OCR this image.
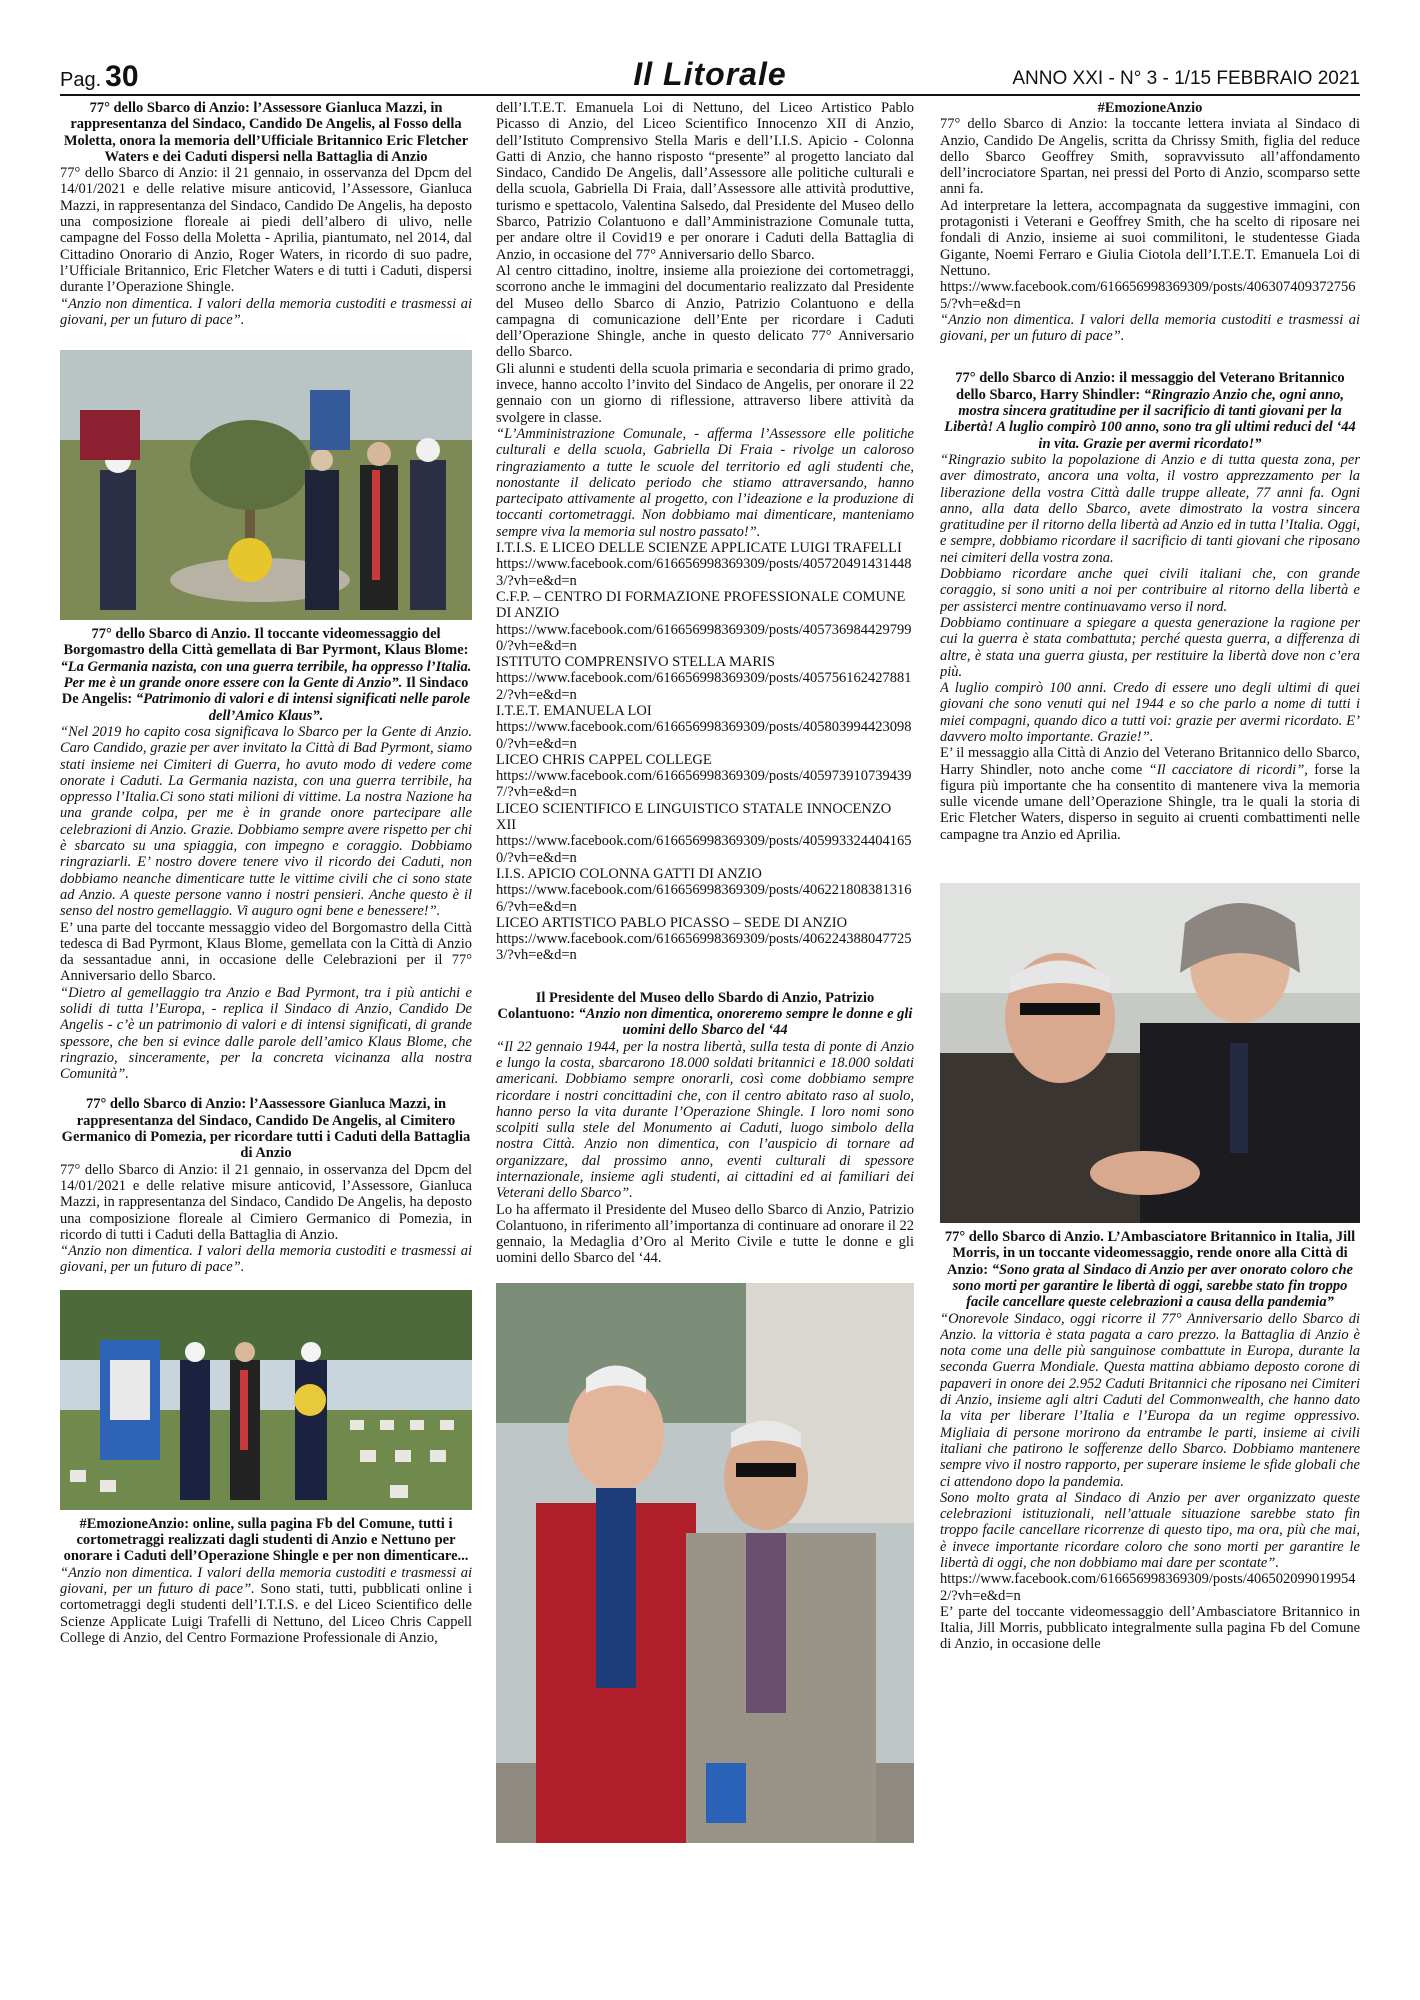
Pag. 30	Il Litorale	ANNO XXI - N° 3 - 1/15 FEBBRAIO 2021

77° dello Sbarco di Anzio: l’Assessore Gianluca Mazzi, in rappresentanza del Sindaco, Candido De Angelis, al Fosso della Moletta, onora la memoria dell’Ufficiale Britannico Eric Fletcher Waters e dei Caduti dispersi nella Battaglia di Anzio

77° dello Sbarco di Anzio: il 21 gennaio, in osservanza del Dpcm del 14/01/2021 e delle relative misure anticovid, l’Assessore, Gianluca Mazzi, in rappresentanza del Sindaco, Candido De Angelis, ha deposto una composizione floreale ai piedi dell’albero di ulivo, nelle campagne del Fosso della Moletta - Aprilia, piantumato, nel 2014, dal Cittadino Onorario di Anzio, Roger Waters, in ricordo di suo padre, l’Ufficiale Britannico, Eric Fletcher Waters e di tutti i Caduti, dispersi durante l’Operazione Shingle.

“Anzio non dimentica. I valori della memoria custoditi e trasmessi ai giovani, per un futuro di pace”.

77° dello Sbarco di Anzio. Il toccante videomessaggio del Borgomastro della Città gemellata di Bar Pyrmont, Klaus Blome: “La Germania nazista, con una guerra terribile, ha oppresso l’Italia. Per me è un grande onore essere con la Gente di Anzio”. Il Sindaco De Angelis: “Patrimonio di valori e di intensi significati nelle parole dell’Amico Klaus”.

“Nel 2019 ho capito cosa significava lo Sbarco per la Gente di Anzio. Caro Candido, grazie per aver invitato la Città di Bad Pyrmont, siamo stati insieme nei Cimiteri di Guerra, ho avuto modo di vedere come onorate i Caduti. La Germania nazista, con una guerra terribile, ha oppresso l’Italia.Ci sono stati milioni di vittime. La nostra Nazione ha una grande colpa, per me è in grande onore partecipare alle celebrazioni di Anzio. Grazie. Dobbiamo sempre avere rispetto per chi è sbarcato su una spiaggia, con impegno e coraggio. Dobbiamo ringraziarli. E’ nostro dovere tenere vivo il ricordo dei Caduti, non dobbiamo neanche dimenticare tutte le vittime civili che ci sono state ad Anzio. A queste persone vanno i nostri pensieri. Anche questo è il senso del nostro gemellaggio. Vi auguro ogni bene e benessere!”.

E’ una parte del toccante messaggio video del Borgomastro della Città tedesca di Bad Pyrmont, Klaus Blome, gemellata con la Città di Anzio da sessantadue anni, in occasione delle Celebrazioni per il 77° Anniversario dello Sbarco.

“Dietro al gemellaggio tra Anzio e Bad Pyrmont, tra i più antichi e solidi di tutta l’Europa, - replica il Sindaco di Anzio, Candido De Angelis - c’è un patrimonio di valori e di intensi significati, di grande spessore, che ben si evince dalle parole dell’amico Klaus Blome, che ringrazio, sinceramente, per la concreta vicinanza alla nostra Comunità”.

77° dello Sbarco di Anzio: l’Aassessore Gianluca Mazzi, in rappresentanza del Sindaco, Candido De Angelis, al Cimitero Germanico di Pomezia, per ricordare tutti i Caduti della Battaglia di Anzio

77° dello Sbarco di Anzio: il 21 gennaio, in osservanza del Dpcm del 14/01/2021 e delle relative misure anticovid, l’Assessore, Gianluca Mazzi, in rappresentanza del Sindaco, Candido De Angelis, ha deposto una composizione floreale al Cimiero Germanico di Pomezia, in ricordo di tutti i Caduti della Battaglia di Anzio.

“Anzio non dimentica. I valori della memoria custoditi e trasmessi ai giovani, per un futuro di pace”.

#EmozioneAnzio: online, sulla pagina Fb del Comune, tutti i cortometraggi realizzati dagli studenti di Anzio e Nettuno per onorare i Caduti dell’Operazione Shingle e per non dimenticare...

“Anzio non dimentica. I valori della memoria custoditi e trasmessi ai giovani, per un futuro di pace”. Sono stati, tutti, pubblicati online i cortometraggi degli studenti dell’I.T.I.S. e del Liceo Scientifico delle Scienze Applicate Luigi Trafelli di Nettuno, del Liceo Chris Cappell College di Anzio, del Centro Formazione Professionale di Anzio,

dell’I.T.E.T. Emanuela Loi di Nettuno, del Liceo Artistico Pablo Picasso di Anzio, del Liceo Scientifico Innocenzo XII di Anzio, dell’Istituto Comprensivo Stella Maris e dell’I.I.S. Apicio - Colonna Gatti di Anzio, che hanno risposto “presente” al progetto lanciato dal Sindaco, Candido De Angelis, dall’Assessore alle politiche culturali e della scuola, Gabriella Di Fraia, dall’Assessore alle attività produttive, turismo e spettacolo, Valentina Salsedo, dal Presidente del Museo dello Sbarco, Patrizio Colantuono e dall’Amministrazione Comunale tutta, per andare oltre il Covid19 e per onorare i Caduti della Battaglia di Anzio, in occasione del 77° Anniversario dello Sbarco.

Al centro cittadino, inoltre, insieme alla proiezione dei cortometraggi, scorrono anche le immagini del documentario realizzato dal Presidente del Museo dello Sbarco di Anzio, Patrizio Colantuono e della campagna di comunicazione dell’Ente per ricordare i Caduti dell’Operazione Shingle, anche in questo delicato 77° Anniversario dello Sbarco.

Gli alunni e studenti della scuola primaria e secondaria di primo grado, invece, hanno accolto l’invito del Sindaco de Angelis, per onorare il 22 gennaio con un giorno di riflessione, attraverso libere attività da svolgere in classe.

“L’Amministrazione Comunale, - afferma l’Assessore elle politiche culturali e della scuola, Gabriella Di Fraia - rivolge un caloroso ringraziamento a tutte le scuole del territorio ed agli studenti che, nonostante il delicato periodo che stiamo attraversando, hanno partecipato attivamente al progetto, con l’ideazione e la produzione di toccanti cortometraggi. Non dobbiamo mai dimenticare, manteniamo sempre viva la memoria sul nostro passato!”.

I.T.I.S. E LICEO DELLE SCIENZE APPLICATE LUIGI TRAFELLI

https://www.facebook.com/616656998369309/posts/4057204914314483/?vh=e&d=n

C.F.P. – CENTRO DI FORMAZIONE PROFESSIONALE COMUNE DI ANZIO

https://www.facebook.com/616656998369309/posts/4057369844297990/?vh=e&d=n

ISTITUTO COMPRENSIVO STELLA MARIS

https://www.facebook.com/616656998369309/posts/4057561624278812/?vh=e&d=n

I.T.E.T. EMANUELA LOI

https://www.facebook.com/616656998369309/posts/4058039944230980/?vh=e&d=n

LICEO CHRIS CAPPEL COLLEGE

https://www.facebook.com/616656998369309/posts/4059739107394397/?vh=e&d=n

LICEO SCIENTIFICO E LINGUISTICO STATALE INNOCENZO XII

https://www.facebook.com/616656998369309/posts/4059933244041650/?vh=e&d=n

I.I.S. APICIO COLONNA GATTI DI ANZIO

https://www.facebook.com/616656998369309/posts/4062218083813166/?vh=e&d=n

LICEO ARTISTICO PABLO PICASSO – SEDE DI ANZIO

https://www.facebook.com/616656998369309/posts/4062243880477253/?vh=e&d=n

Il Presidente del Museo dello Sbardo di Anzio, Patrizio Colantuono: “Anzio non dimentica, onoreremo sempre le donne e gli uomini dello Sbarco del ‘44

“Il 22 gennaio 1944, per la nostra libertà, sulla testa di ponte di Anzio e lungo la costa, sbarcarono 18.000 soldati britannici e 18.000 soldati americani. Dobbiamo sempre onorarli, così come dobbiamo sempre ricordare i nostri concittadini che, con il centro abitato raso al suolo, hanno perso la vita durante l’Operazione Shingle. I loro nomi sono scolpiti sulla stele del Monumento ai Caduti, luogo simbolo della nostra Città. Anzio non dimentica, con l’auspicio di tornare ad organizzare, dal prossimo anno, eventi culturali di spessore internazionale, insieme agli studenti, ai cittadini ed ai familiari dei Veterani dello Sbarco”.

Lo ha affermato il Presidente del Museo dello Sbarco di Anzio, Patrizio Colantuono, in riferimento all’importanza di continuare ad onorare il 22 gennaio, la Medaglia d’Oro al Merito Civile e tutte le donne e gli uomini dello Sbarco del ‘44.

#EmozioneAnzio

77° dello Sbarco di Anzio: la toccante lettera inviata al Sindaco di Anzio, Candido De Angelis, scritta da Chrissy Smith, figlia del reduce dello Sbarco Geoffrey Smith, sopravvissuto all’affondamento dell’incrociatore Spartan, nei pressi del Porto di Anzio, scomparso sette anni fa.

Ad interpretare la lettera, accompagnata da suggestive immagini, con protagonisti i Veterani e Geoffrey Smith, che ha scelto di riposare nei fondali di Anzio, insieme ai suoi commilitoni, le studentesse Giada Gigante, Noemi Ferraro e Giulia Ciotola dell’I.T.E.T. Emanuela Loi di Nettuno.

https://www.facebook.com/616656998369309/posts/4063074093727565/?vh=e&d=n

“Anzio non dimentica. I valori della memoria custoditi e trasmessi ai giovani, per un futuro di pace”.

77° dello Sbarco di Anzio: il messaggio del Veterano Britannico dello Sbarco, Harry Shindler: “Ringrazio Anzio che, ogni anno, mostra sincera gratitudine per il sacrificio di tanti giovani per la Libertà! A luglio compirò 100 anno, sono tra gli ultimi reduci del ‘44 in vita. Grazie per avermi ricordato!”

“Ringrazio subito la popolazione di Anzio e di tutta questa zona, per aver dimostrato, ancora una volta, il vostro apprezzamento per la liberazione della vostra Città dalle truppe alleate, 77 anni fa. Ogni anno, alla data dello Sbarco, avete dimostrato la vostra sincera gratitudine per il ritorno della libertà ad Anzio ed in tutta l’Italia. Oggi, e sempre, dobbiamo ricordare il sacrificio di tanti giovani che riposano nei cimiteri della vostra zona.

Dobbiamo ricordare anche quei civili italiani che, con grande coraggio, si sono uniti a noi per contribuire al ritorno della libertà e per assisterci mentre continuavamo verso il nord.

Dobbiamo continuare a spiegare a questa generazione la ragione per cui la guerra è stata combattuta; perché questa guerra, a differenza di altre, è stata una guerra giusta, per restituire la libertà dove non c’era più.

A luglio compirò 100 anni. Credo di essere uno degli ultimi di quei giovani che sono venuti qui nel 1944 e so che parlo a nome di tutti i miei compagni, quando dico a tutti voi: grazie per avermi ricordato. E’ davvero molto importante. Grazie!”.

E’ il messaggio alla Città di Anzio del Veterano Britannico dello Sbarco, Harry Shindler, noto anche come “Il cacciatore di ricordi”, forse la figura più importante che ha consentito di mantenere viva la memoria sulle vicende umane dell’Operazione Shingle, tra le quali la storia di Eric Fletcher Waters, disperso in seguito ai cruenti combattimenti nelle campagne tra Anzio ed Aprilia.

77° dello Sbarco di Anzio. L’Ambasciatore Britannico in Italia, Jill Morris, in un toccante videomessaggio, rende onore alla Città di Anzio: “Sono grata al Sindaco di Anzio per aver onorato coloro che sono morti per garantire le libertà di oggi, sarebbe stato fin troppo facile cancellare queste celebrazioni a causa della pandemia”

“Onorevole Sindaco, oggi ricorre il 77° Anniversario dello Sbarco di Anzio. la vittoria è stata pagata a caro prezzo. la Battaglia di Anzio è nota come una delle più sanguinose combattute in Europa, durante la seconda Guerra Mondiale. Questa mattina abbiamo deposto corone di papaveri in onore dei 2.952 Caduti Britannici che riposano nei Cimiteri di Anzio, insieme agli altri Caduti del Commonwealth, che hanno dato la vita per liberare l’Italia e l’Europa da un regime oppressivo. Migliaia di persone morirono da entrambe le parti, insieme ai civili italiani che patirono le sofferenze dello Sbarco. Dobbiamo mantenere sempre vivo il nostro rapporto, per superare insieme le sfide globali che ci attendono dopo la pandemia.

Sono molto grata al Sindaco di Anzio per aver organizzato queste celebrazioni istituzionali, nell’attuale situazione sarebbe stato fin troppo facile cancellare ricorrenze di questo tipo, ma ora, più che mai, è invece importante ricordare coloro che sono morti per garantire le libertà di oggi, che non dobbiamo mai dare per scontate”.

https://www.facebook.com/616656998369309/posts/4065020990199542/?vh=e&d=n

E’ parte del toccante videomessaggio dell’Ambasciatore Britannico in Italia, Jill Morris, pubblicato integralmente sulla pagina Fb del Comune di Anzio, in occasione delle
